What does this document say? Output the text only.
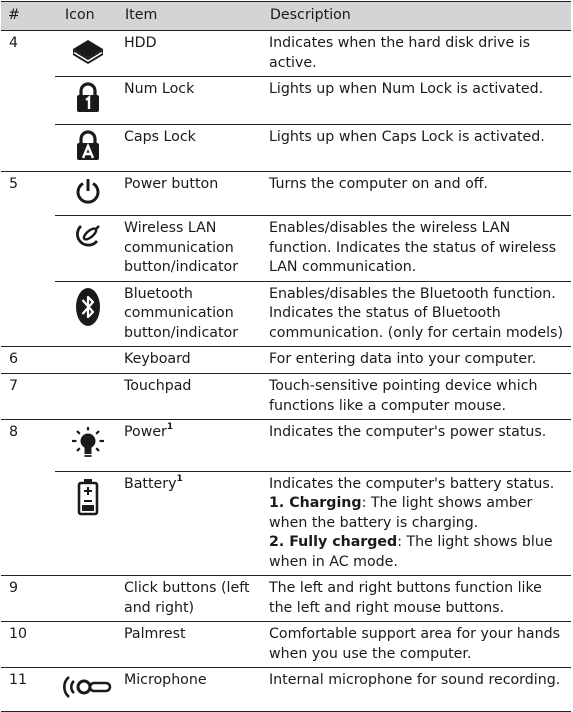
#	Icon	Item	Description
4		HDD	Indicates when the hard disk drive is active.
		Num Lock	Lights up when Num Lock is activated.
		Caps Lock	Lights up when Caps Lock is activated.
5		Power button	Turns the computer on and off.
		Wireless LAN communication button/indicator	Enables/disables the wireless LAN function. Indicates the status of wireless LAN communication.
		Bluetooth communication button/indicator	Enables/disables the Bluetooth function. Indicates the status of Bluetooth communication. (only for certain models)
6		Keyboard	For entering data into your computer.
7		Touchpad	Touch-sensitive pointing device which functions like a computer mouse.
8		Power$^1$	Indicates the computer's power status.
		Battery$^1$	Indicates the computer's battery status.
1. Charging: The light shows amber when the battery is charging.
2. Fully charged: The light shows blue when in AC mode.

9		Click buttons (left and right)	The left and right buttons function like the left and right mouse buttons.
10		Palmrest	Comfortable support area for your hands when you use the computer.
11		Microphone	Internal microphone for sound recording.
